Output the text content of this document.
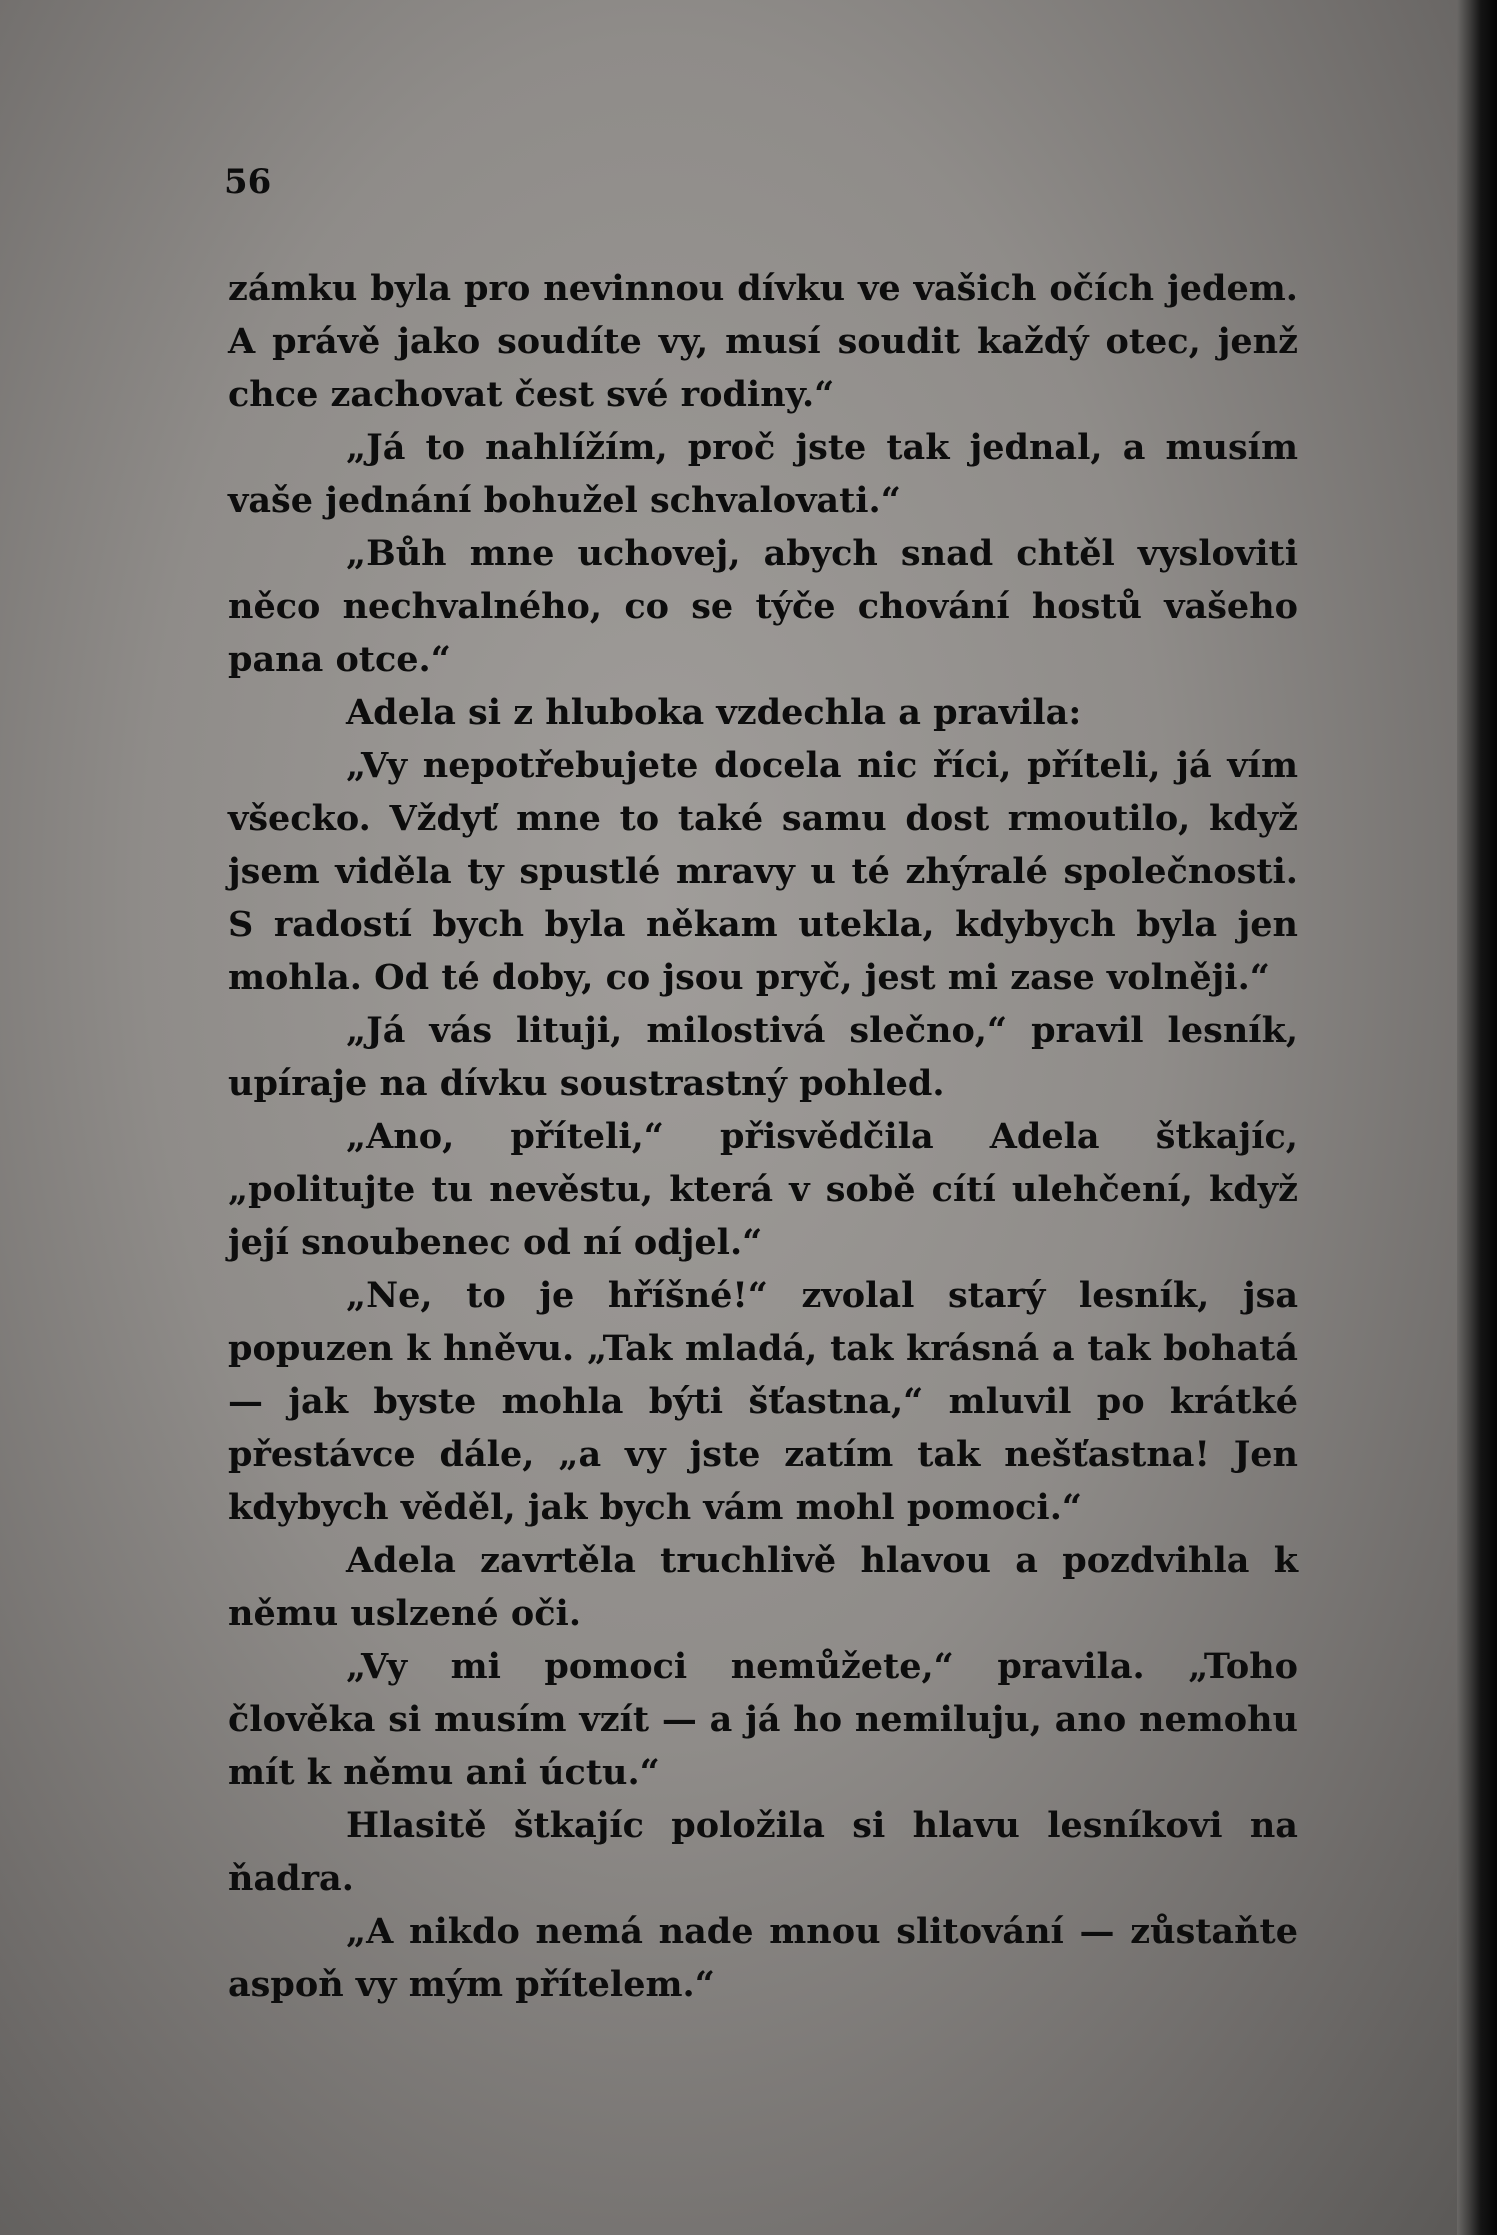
56

zámku byla pro nevinnou dívku ve vašich očích jedem. A právě jako soudíte vy, musí soudit každý otec, jenž chce zachovat čest své rodiny.“

„Já to nahlížím, proč jste tak jednal, a musím vaše jednání bohužel schvalovati.“

„Bůh mne uchovej, abych snad chtěl vysloviti něco nechvalného, co se týče chování hostů vašeho pana otce.“

Adela si z hluboka vzdechla a pravila:

„Vy nepotřebujete docela nic říci, příteli, já vím všecko. Vždyť mne to také samu dost rmoutilo, když jsem viděla ty spustlé mravy u té zhýralé společnosti. S radostí bych byla někam utekla, kdybych byla jen mohla. Od té doby, co jsou pryč, jest mi zase volněji.“

„Já vás lituji, milostivá slečno,“ pravil lesník, upíraje na dívku soustrastný pohled.

„Ano, příteli,“ přisvědčila Adela štkajíc, „politujte tu nevěstu, která v sobě cítí ulehčení, když její snoubenec od ní odjel.“

„Ne, to je hříšné!“ zvolal starý lesník, jsa popuzen k hněvu. „Tak mladá, tak krásná a tak bohatá — jak byste mohla býti šťastna,“ mluvil po krátké přestávce dále, „a vy jste zatím tak nešťastna! Jen kdybych věděl, jak bych vám mohl pomoci.“

Adela zavrtěla truchlivě hlavou a pozdvihla k němu uslzené oči.

„Vy mi pomoci nemůžete,“ pravila. „Toho člověka si musím vzít — a já ho nemiluju, ano nemohu mít k němu ani úctu.“

Hlasitě štkajíc položila si hlavu lesníkovi na ňadra.

„A nikdo nemá nade mnou slitování — zůstaňte aspoň vy mým přítelem.“
